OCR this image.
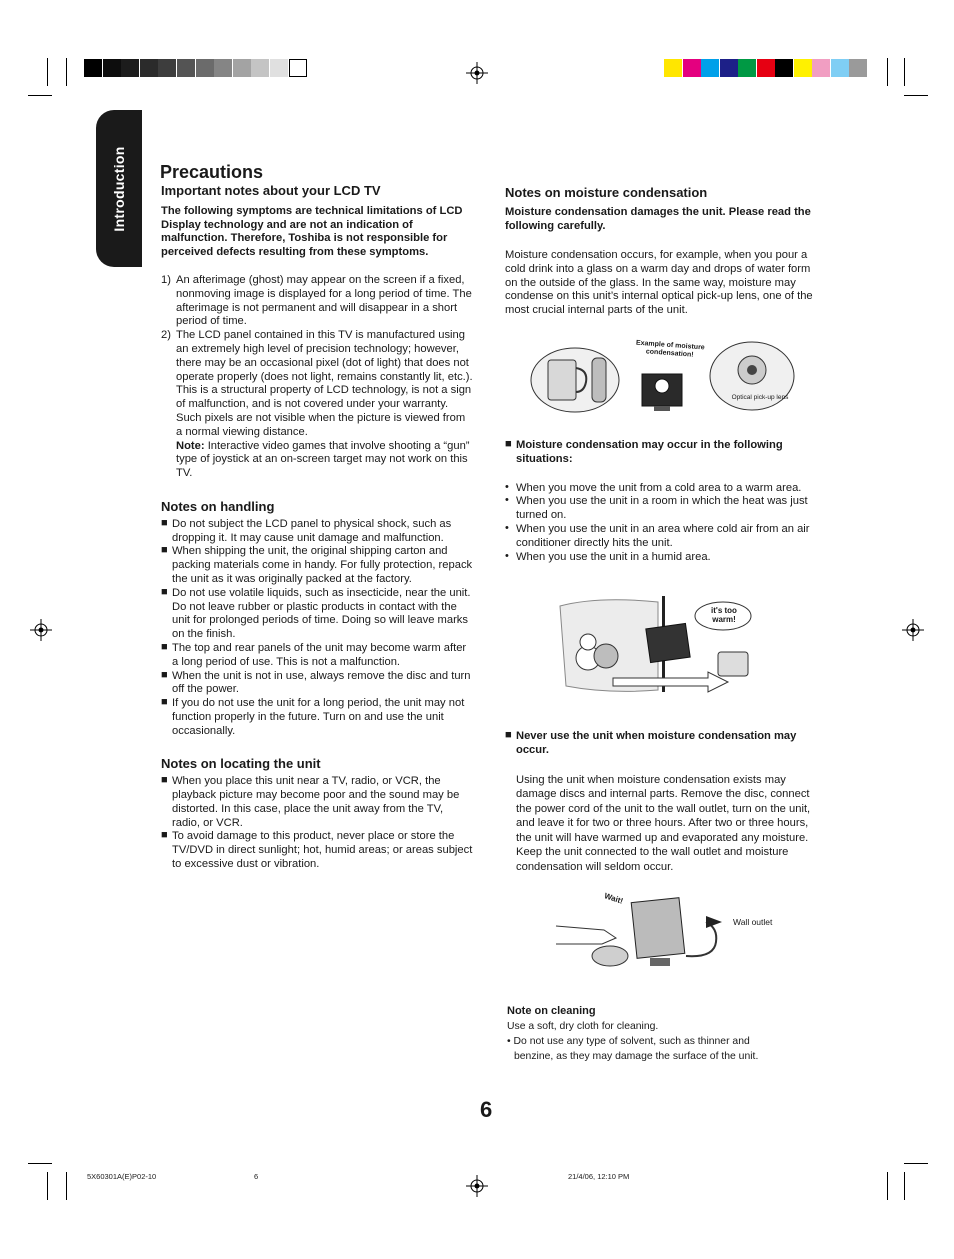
Introduction Precautions
Important notes about your LCD TV
The following symptoms are technical limitations of LCD Display technology and are not an indication of malfunction. Therefore, Toshiba is not responsible for perceived defects resulting from these symptoms.
1) An afterimage (ghost) may appear on the screen if a fixed, nonmoving image is displayed for a long period of time. The afterimage is not permanent and will disappear in a short period of time.
2) The LCD panel contained in this TV is manufactured using an extremely high level of precision technology; however, there may be an occasional pixel (dot of light) that does not operate properly (does not light, remains constantly lit, etc.). This is a structural property of LCD technology, is not a sign of malfunction, and is not covered under your warranty. Such pixels are not visible when the picture is viewed from a normal viewing distance.
Note: Interactive video games that involve shooting a “gun” type of joystick at an on-screen target may not work on this TV.
Notes on handling
■ Do not subject the LCD panel to physical shock, such as dropping it. It may cause unit damage and malfunction.
■ When shipping the unit, the original shipping carton and packing materials come in handy. For fully protection, repack the unit as it was originally packed at the factory.
■ Do not use volatile liquids, such as insecticide, near the unit. Do not leave rubber or plastic products in contact with the unit for prolonged periods of time. Doing so will leave marks on the finish.
■ The top and rear panels of the unit may become warm after a long period of use. This is not a malfunction.
■ When the unit is not in use, always remove the disc and turn off the power.
■ If you do not use the unit for a long period, the unit may not function properly in the future. Turn on and use the unit occasionally.
Notes on locating the unit
■ When you place this unit near a TV, radio, or VCR, the playback picture may become poor and the sound may be distorted. In this case, place the unit away from the TV, radio, or VCR.
■ To avoid damage to this product, never place or store the TV/DVD in direct sunlight; hot, humid areas; or areas subject to excessive dust or vibration.
Notes on moisture condensation
Moisture condensation damages the unit. Please read the following carefully.
Moisture condensation occurs, for example, when you pour a cold drink into a glass on a warm day and drops of water form on the outside of the glass. In the same way, moisture may condense on this unit’s internal optical pick-up lens, one of the most crucial internal parts of the unit.
Example of moisture condensation!
Optical pick-up lens
■ Moisture condensation may occur in the following situations:
• When you move the unit from a cold area to a warm area.
• When you use the unit in a room in which the heat was just turned on.
• When you use the unit in an area where cold air from an air conditioner directly hits the unit.
• When you use the unit in a humid area.
it's too warm!
■ Never use the unit when moisture condensation may occur.
Using the unit when moisture condensation exists may damage discs and internal parts. Remove the disc, connect the power cord of the unit to the wall outlet, turn on the unit, and leave it for two or three hours. After two or three hours, the unit will have warmed up and evaporated any moisture. Keep the unit connected to the wall outlet and moisture condensation will seldom occur.
Wait!
Wall outlet
Note on cleaning
Use a soft, dry cloth for cleaning.
• Do not use any type of solvent, such as thinner and
benzine, as they may damage the surface of the unit.
6
5X60301A(E)P02-10	6	21/4/06, 12:10 PM
